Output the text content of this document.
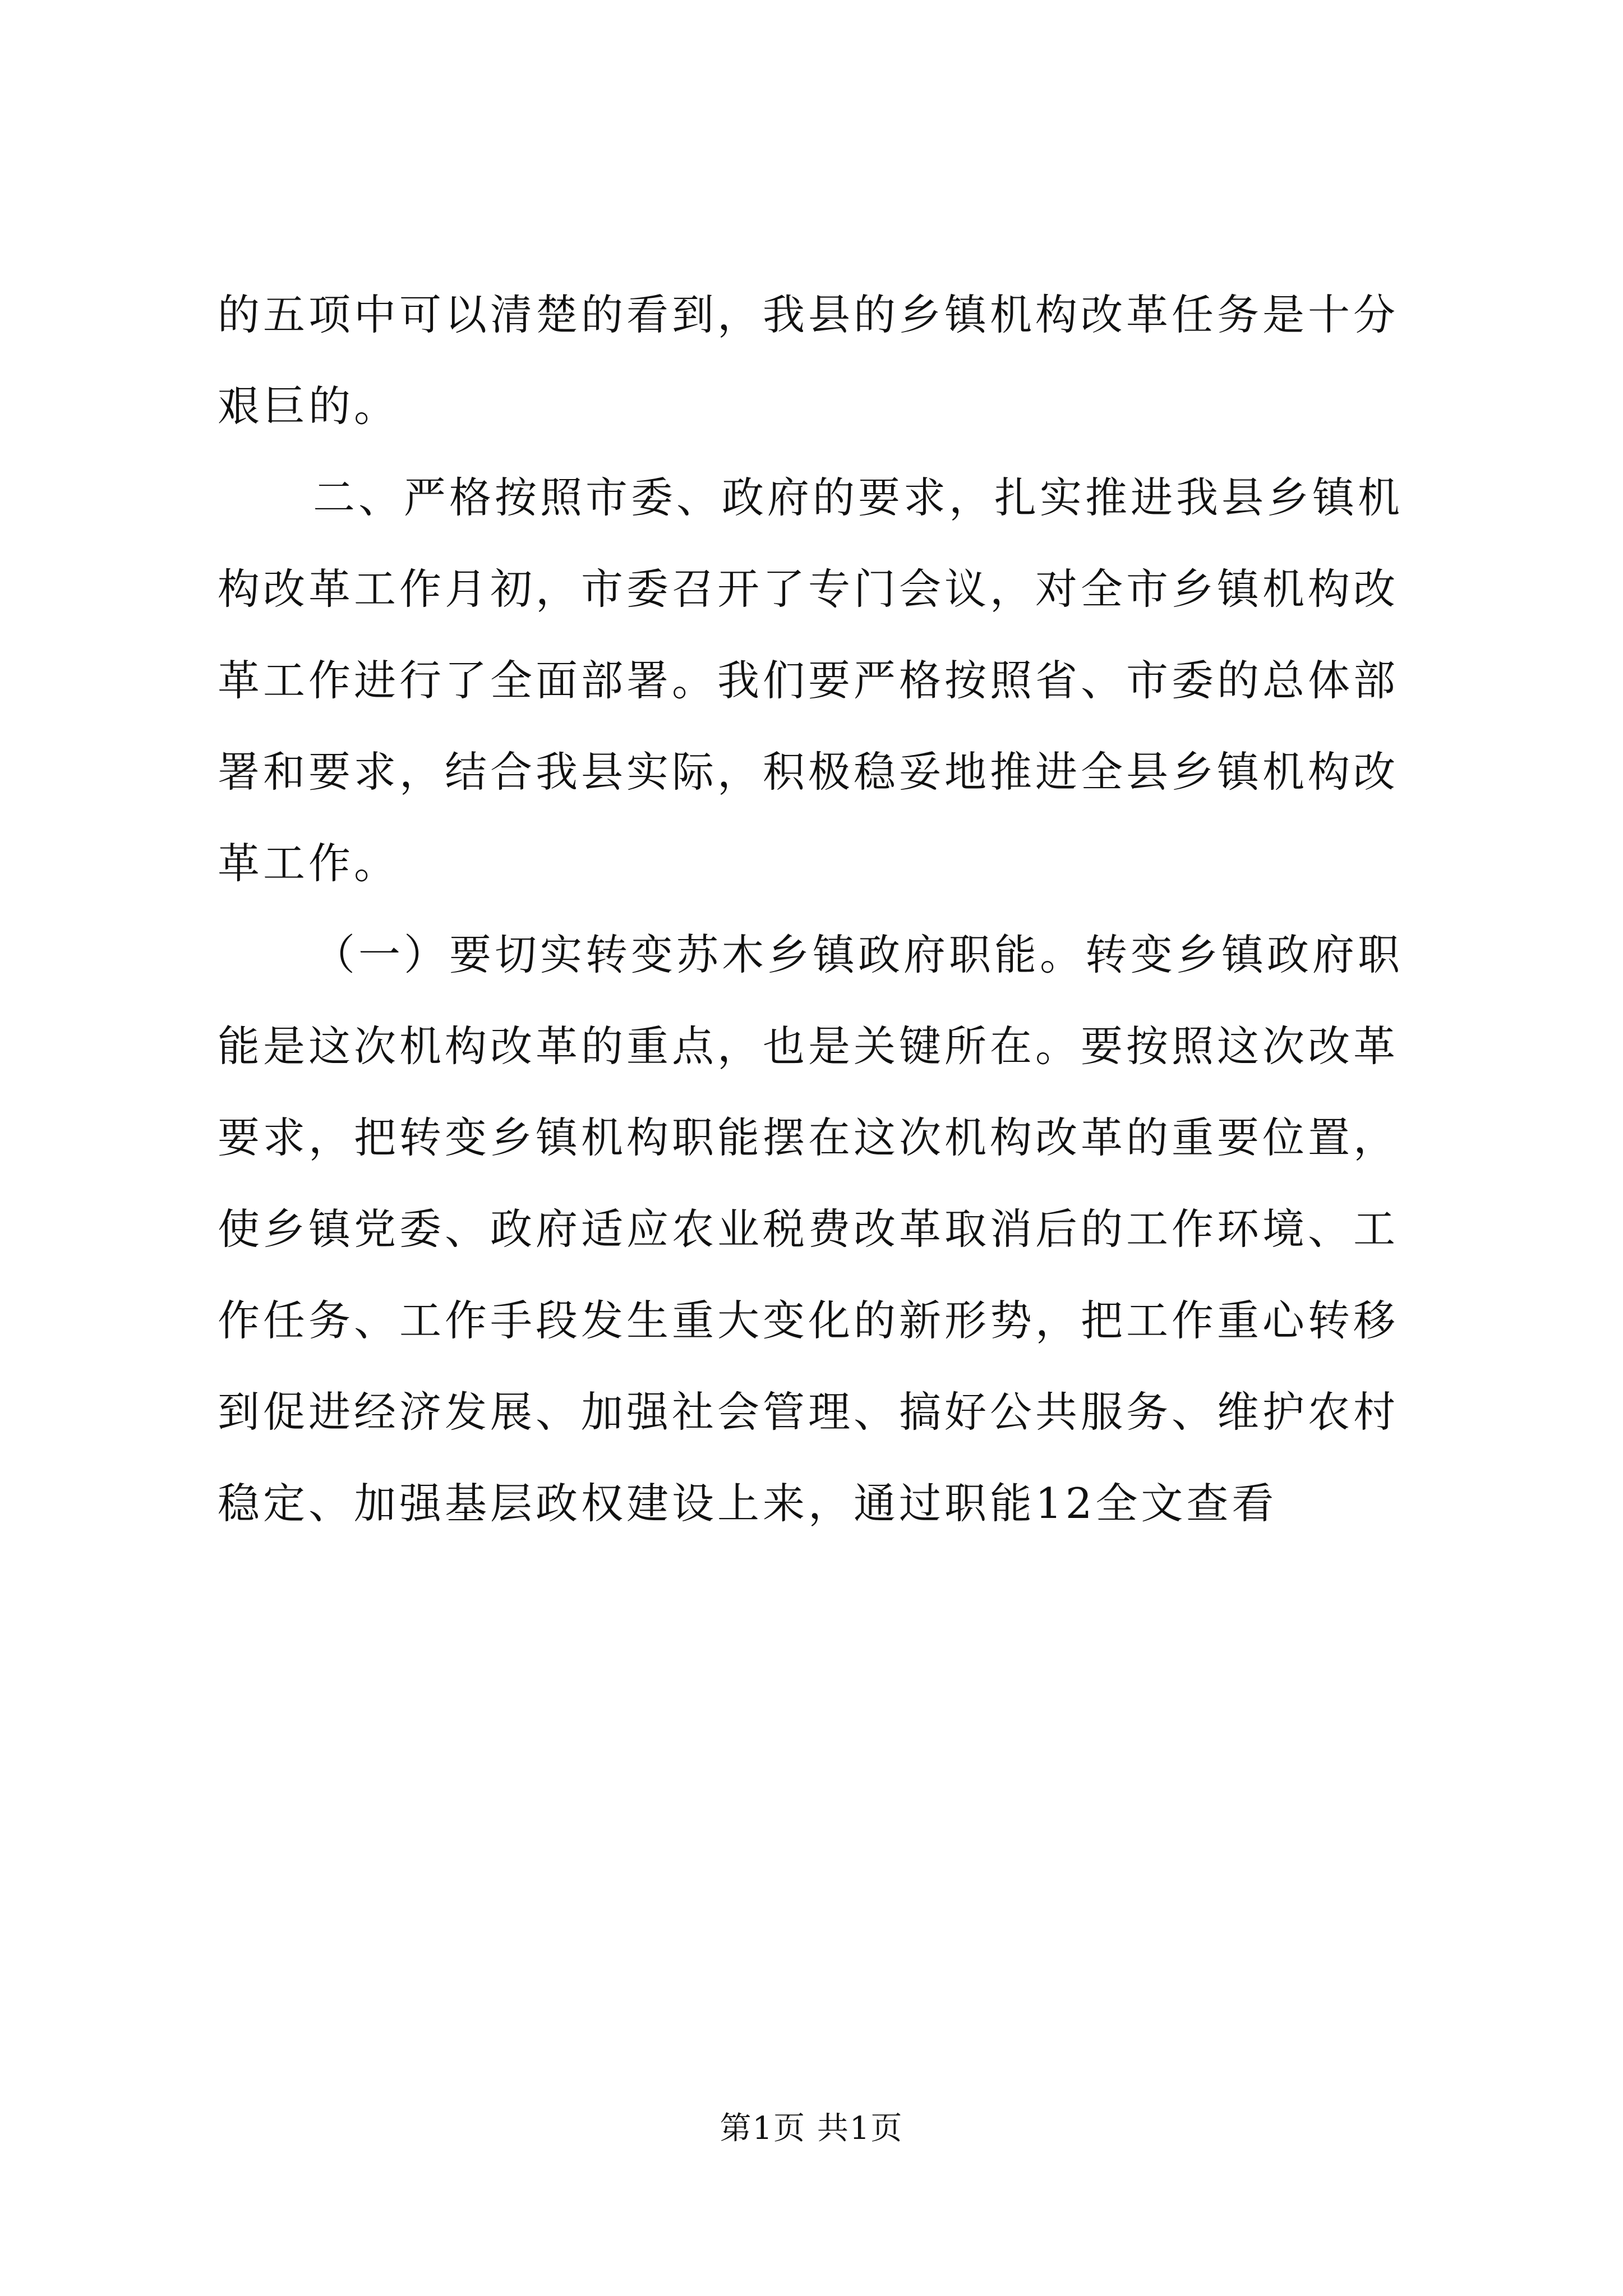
的五项中可以清楚的看到，我县的乡镇机构改革任务是十分艰巨的。

二、严格按照市委、政府的要求，扎实推进我县乡镇机构改革工作月初，市委召开了专门会议，对全市乡镇机构改革工作进行了全面部署。我们要严格按照省、市委的总体部署和要求，结合我县实际，积极稳妥地推进全县乡镇机构改革工作。

（一）要切实转变苏木乡镇政府职能。转变乡镇政府职能是这次机构改革的重点，也是关键所在。要按照这次改革要求，把转变乡镇机构职能摆在这次机构改革的重要位置，使乡镇党委、政府适应农业税费改革取消后的工作环境、工作任务、工作手段发生重大变化的新形势，把工作重心转移到促进经济发展、加强社会管理、搞好公共服务、维护农村稳定、加强基层政权建设上来，通过职能12全文查看

第1页 共1页
